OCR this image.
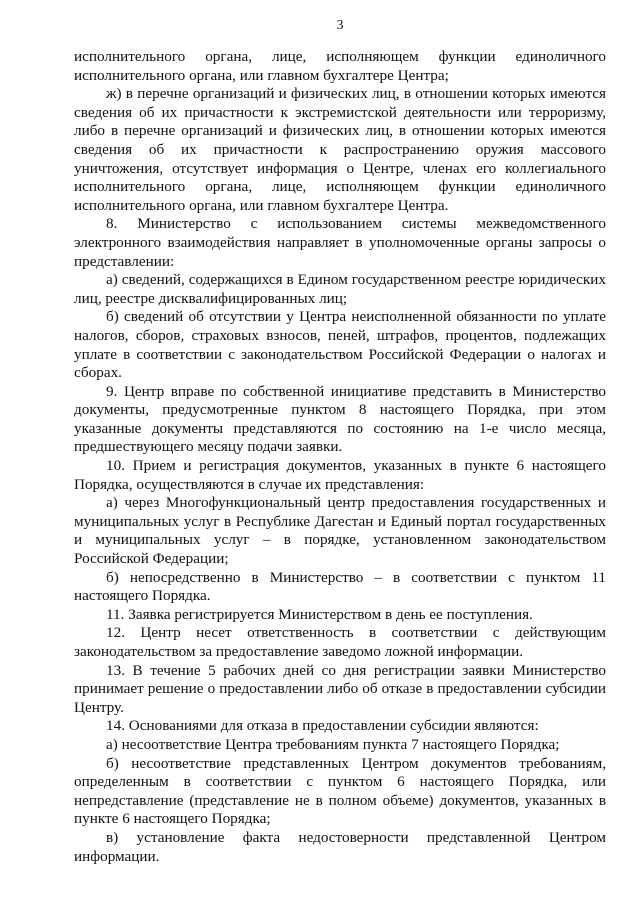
3

исполнительного органа, лице, исполняющем функции единоличного исполнительного органа, или главном бухгалтере Центра;

ж) в перечне организаций и физических лиц, в отношении которых имеются сведения об их причастности к экстремистской деятельности или терроризму, либо в перечне организаций и физических лиц, в отношении которых имеются сведения об их причастности к распространению оружия массового уничтожения, отсутствует информация о Центре, членах его коллегиального исполнительного органа, лице, исполняющем функции единоличного исполнительного органа, или главном бухгалтере Центра.

8. Министерство с использованием системы межведомственного электронного взаимодействия направляет в уполномоченные органы запросы о представлении:

а) сведений, содержащихся в Едином государственном реестре юридических лиц, реестре дисквалифицированных лиц;

б) сведений об отсутствии у Центра неисполненной обязанности по уплате налогов, сборов, страховых взносов, пеней, штрафов, процентов, подлежащих уплате в соответствии с законодательством Российской Федерации о налогах и сборах.

9. Центр вправе по собственной инициативе представить в Министерство документы, предусмотренные пунктом 8 настоящего Порядка, при этом указанные документы представляются по состоянию на 1-е число месяца, предшествующего месяцу подачи заявки.

10. Прием и регистрация документов, указанных в пункте 6 настоящего Порядка, осуществляются в случае их представления:

а) через Многофункциональный центр предоставления государственных и муниципальных услуг в Республике Дагестан и Единый портал государственных и муниципальных услуг – в порядке, установленном законодательством Российской Федерации;

б) непосредственно в Министерство – в соответствии с пунктом 11 настоящего Порядка.

11. Заявка регистрируется Министерством в день ее поступления.

12. Центр несет ответственность в соответствии с действующим законодательством за предоставление заведомо ложной информации.

13. В течение 5 рабочих дней со дня регистрации заявки Министерство принимает решение о предоставлении либо об отказе в предоставлении субсидии Центру.

14. Основаниями для отказа в предоставлении субсидии являются:

а) несоответствие Центра требованиям пункта 7 настоящего Порядка;

б) несоответствие представленных Центром документов требованиям, определенным в соответствии с пунктом 6 настоящего Порядка, или непредставление (представление не в полном объеме) документов, указанных в пункте 6 настоящего Порядка;

в) установление факта недостоверности представленной Центром информации.
